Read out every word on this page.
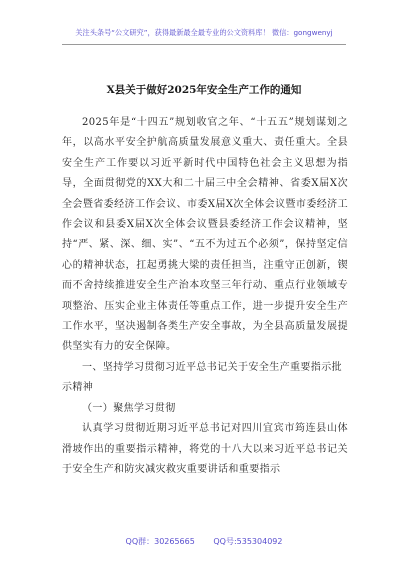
关注头条号“公文研究”，获得最新最全最专业的公文资料库！ 微信：gongwenyj
X县关于做好2025年安全生产工作的通知

2025年是“十四五”规划收官之年、“十五五”规划谋划之年，以高水平安全护航高质量发展意义重大、责任重大。全县安全生产工作要以习近平新时代中国特色社会主义思想为指导，全面贯彻党的XX大和二十届三中全会精神、省委X届X次全会暨省委经济工作会议、市委X届X次全体会议暨市委经济工作会议和县委X届X次全体会议暨县委经济工作会议精神，坚持“严、紧、深、细、实”、“五不为过五个必须”，保持坚定信心的精神状态，扛起勇挑大梁的责任担当，注重守正创新，锲而不舍持续推进安全生产治本攻坚三年行动、重点行业领域专项整治、压实企业主体责任等重点工作，进一步提升安全生产工作水平，坚决遏制各类生产安全事故，为全县高质量发展提供坚实有力的安全保障。

一、坚持学习贯彻习近平总书记关于安全生产重要指示批示精神

（一）聚焦学习贯彻

认真学习贯彻近期习近平总书记对四川宜宾市筠连县山体滑坡作出的重要指示精神，将党的十八大以来习近平总书记关于安全生产和防灾减灾救灾重要讲话和重要指示

QQ群：30265665 QQ号:535304092
